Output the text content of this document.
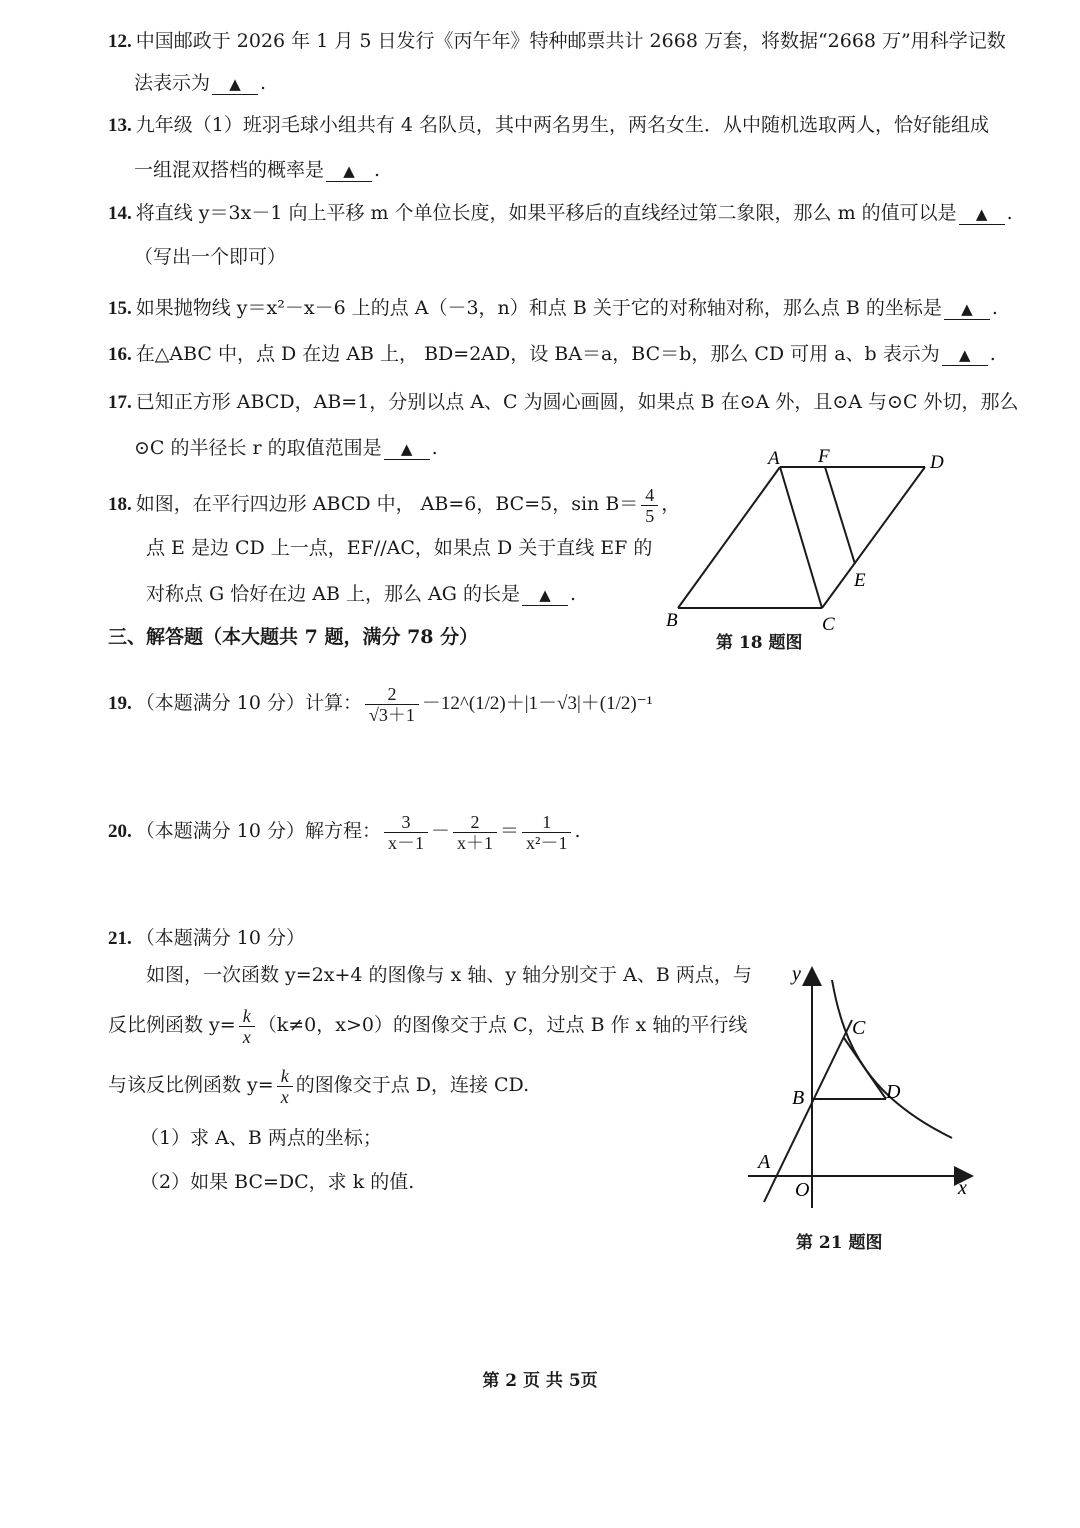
12. 中国邮政于 2026 年 1 月 5 日发行《丙午年》特种邮票共计 2668 万套，将数据“2668 万”用科学记数
法表示为 ▲ .
13. 九年级（1）班羽毛球小组共有 4 名队员，其中两名男生，两名女生．从中随机选取两人，恰好能组成
一组混双搭档的概率是 ▲ .
14. 将直线 y＝3x－1 向上平移 m 个单位长度，如果平移后的直线经过第二象限，那么 m 的值可以是 ▲ .
（写出一个即可）
15. 如果抛物线 y＝x²－x－6 上的点 A（－3，n）和点 B 关于它的对称轴对称，那么点 B 的坐标是 ▲ .
16. 在△ABC 中，点 D 在边 AB 上， BD=2AD，设 BA＝a，BC＝b，那么 CD 可用 a、b 表示为 ▲ .
17. 已知正方形 ABCD，AB=1，分别以点 A、C 为圆心画圆，如果点 B 在⊙A 外，且⊙A 与⊙C 外切，那么
⊙C 的半径长 r 的取值范围是 ▲ .
18. 如图，在平行四边形 ABCD 中， AB=6，BC=5，$\sin B= \frac{4}{5}$ ，
点 E 是边 CD 上一点，EF//AC，如果点 D 关于直线 EF 的
对称点 G 恰好在边 AB 上，那么 AG 的长是 ▲ .
A F	D
B	C
E
第 18 题图
三、解答题（本大题共 7 题，满分 78 分）
19. （本题满分 10 分）计算： $\frac{2}{√3+1}$ －12^(1/2)＋|1－√3|＋(1/2)⁻¹
20. （本题满分 10 分）解方程： $\frac{3}{x-1} - \frac{2}{x+1} = \frac{1}{\text{x²－1}}$ .
21. （本题满分 10 分）
如图，一次函数 y=2x+4 的图像与 x 轴、y 轴分别交于 A、B 两点，与
反比例函数 $y= \frac{k}{x} (k\ne 0$，x>0）的图像交于点 C，过点 B 作 x 轴的平行线
与该反比例函数 $y= \frac{k}{x}$ 的图像交于点 D，连接 CD.
（1）求 A、B 两点的坐标；
（2）如果 BC=DC，求 k 的值.
y
x
O
A
B
C
D
第 21 题图
第 2 页 共 5页
